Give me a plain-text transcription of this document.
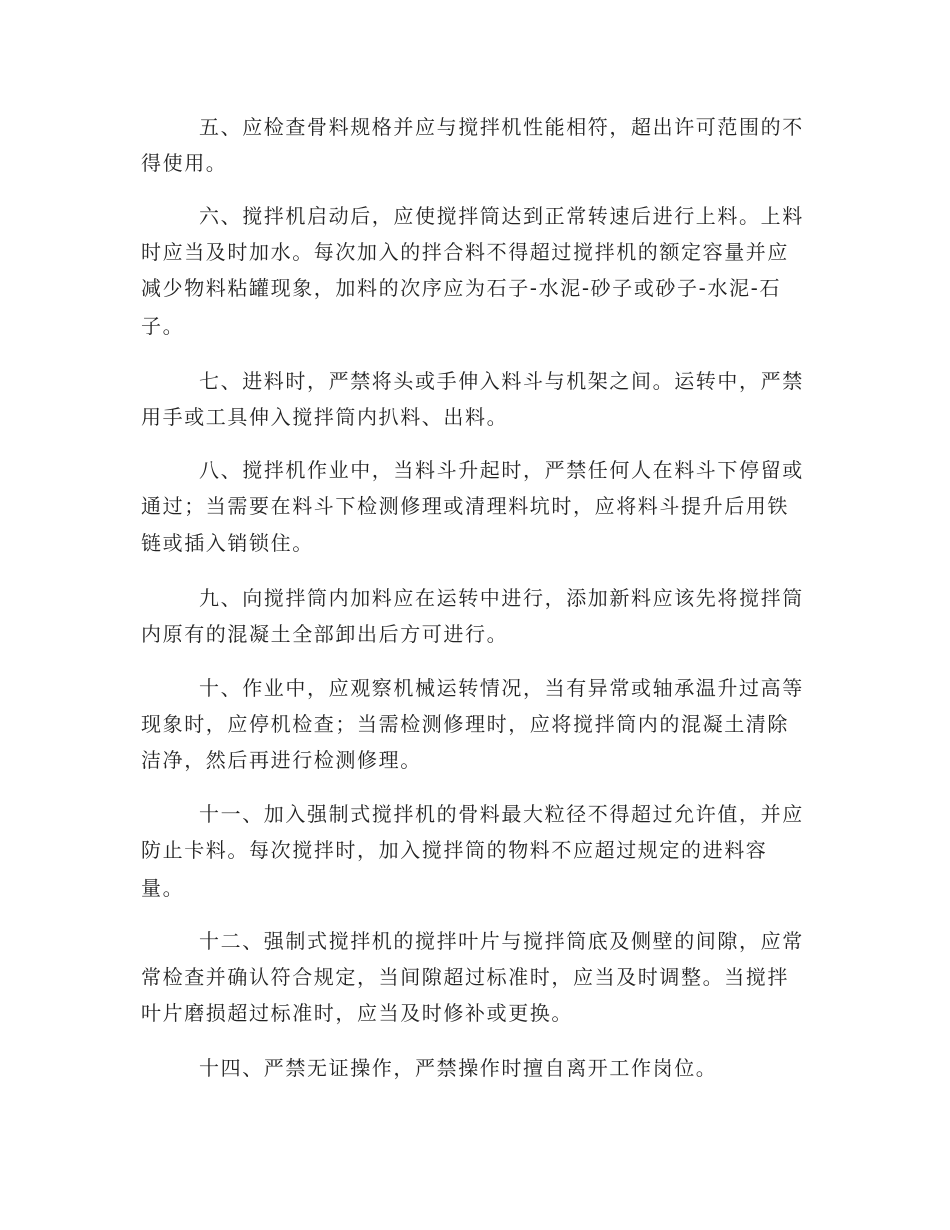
五、应检查骨料规格并应与搅拌机性能相符，超出许可范围的不
得使用。
六、搅拌机启动后，应使搅拌筒达到正常转速后进行上料。上料
时应当及时加水。每次加入的拌合料不得超过搅拌机的额定容量并应
减少物料粘罐现象，加料的次序应为石子-水泥-砂子或砂子-水泥-石
子。
七、进料时，严禁将头或手伸入料斗与机架之间。运转中，严禁
用手或工具伸入搅拌筒内扒料、出料。
八、搅拌机作业中，当料斗升起时，严禁任何人在料斗下停留或
通过；当需要在料斗下检测修理或清理料坑时，应将料斗提升后用铁
链或插入销锁住。
九、向搅拌筒内加料应在运转中进行，添加新料应该先将搅拌筒
内原有的混凝土全部卸出后方可进行。
十、作业中，应观察机械运转情况，当有异常或轴承温升过高等
现象时，应停机检查；当需检测修理时，应将搅拌筒内的混凝土清除
洁净，然后再进行检测修理。
十一、加入强制式搅拌机的骨料最大粒径不得超过允许值，并应
防止卡料。每次搅拌时，加入搅拌筒的物料不应超过规定的进料容
量。
十二、强制式搅拌机的搅拌叶片与搅拌筒底及侧壁的间隙，应常
常检查并确认符合规定，当间隙超过标准时，应当及时调整。当搅拌
叶片磨损超过标准时，应当及时修补或更换。
十四、严禁无证操作，严禁操作时擅自离开工作岗位。
